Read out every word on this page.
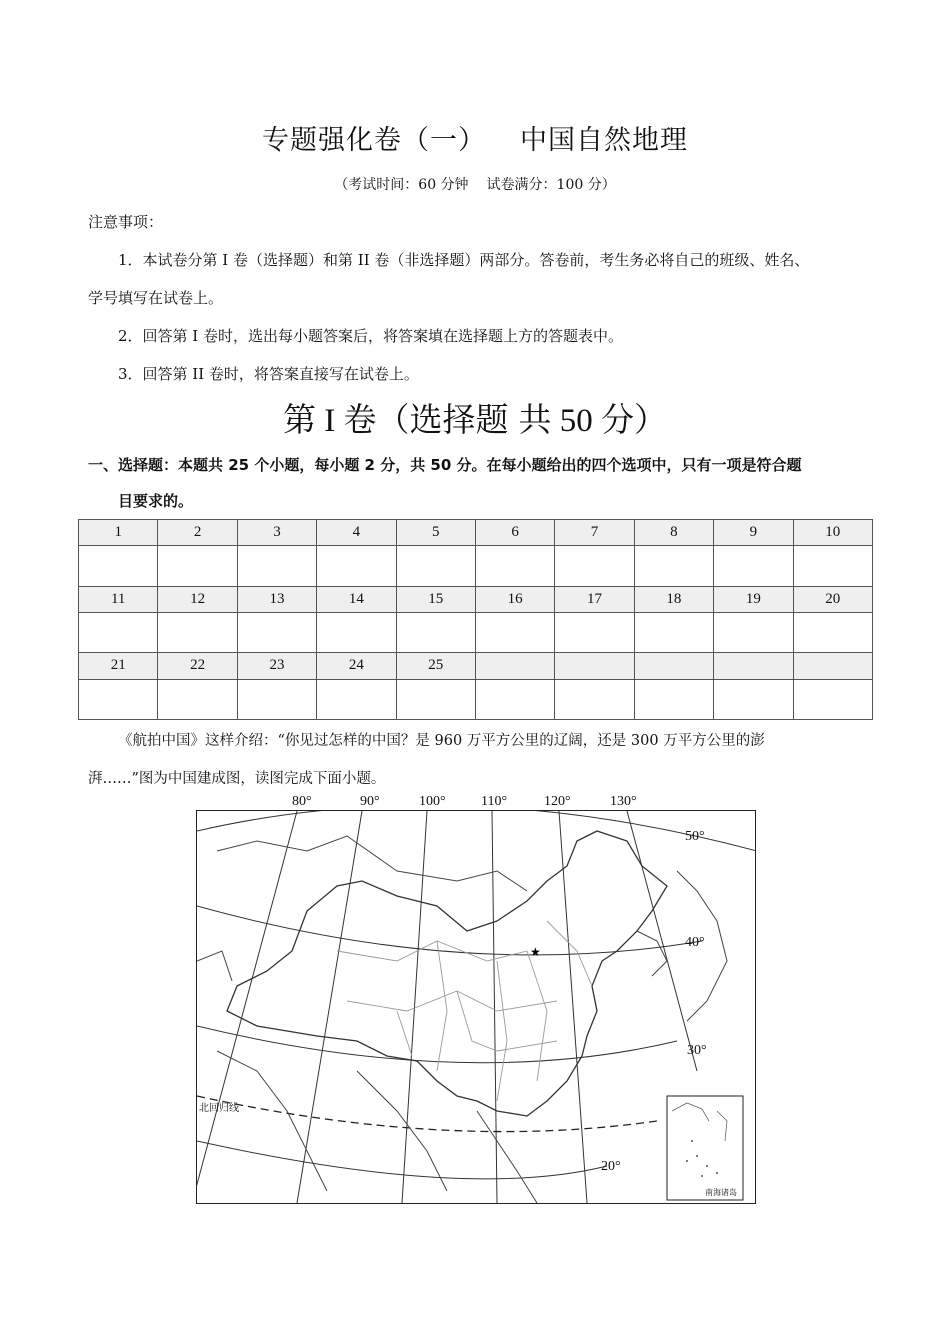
专题强化卷（一） 中国自然地理
（考试时间：60 分钟 试卷满分：100 分）
注意事项：
1．本试卷分第 I 卷（选择题）和第 II 卷（非选择题）两部分。答卷前，考生务必将自己的班级、姓名、
学号填写在试卷上。
2．回答第 I 卷时，选出每小题答案后，将答案填在选择题上方的答题表中。
3．回答第 II 卷时，将答案直接写在试卷上。
第 I 卷（选择题 共 50 分）
一、选择题：本题共 25 个小题，每小题 2 分，共 50 分。在每小题给出的四个选项中，只有一项是符合题
目要求的。
1	2	3	4	5	6	7	8	9	10

11	12	13	14	15	16	17	18	19	20

21	22	23	24	25					

《航拍中国》这样介绍：“你见过怎样的中国？是 960 万平方公里的辽阔，还是 300 万平方公里的澎
湃……”图为中国建成图，读图完成下面小题。
80°	90°	100°	110°	120°	130°
★
50°
40°
30°
20°
北回归线
南海诸岛
